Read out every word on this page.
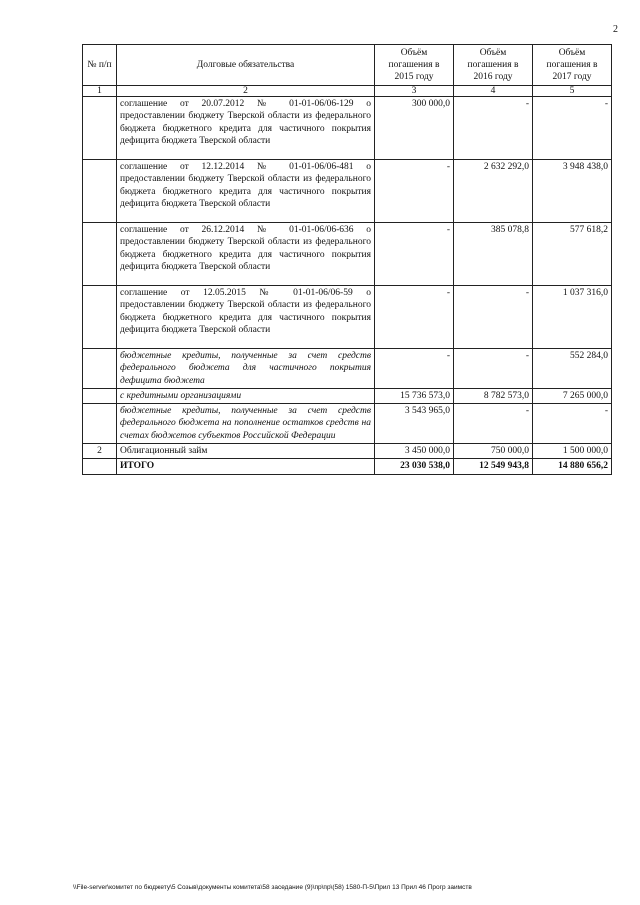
2
№ п/п	Долговые обязательства	Объём погашения в 2015 году	Объём погашения в 2016 году	Объём погашения в 2017 году
1	2	3	4	5
	соглашение от 20.07.2012 № 01-01-06/06-129 о предоставлении бюджету Тверской области из федерального бюджета бюджетного кредита для частичного покрытия дефицита бюджета Тверской области	300 000,0	-	-
	соглашение от 12.12.2014 № 01-01-06/06-481 о предоставлении бюджету Тверской области из федерального бюджета бюджетного кредита для частичного покрытия дефицита бюджета Тверской области	-	2 632 292,0	3 948 438,0
	соглашение от 26.12.2014 № 01-01-06/06-636 о предоставлении бюджету Тверской области из федерального бюджета бюджетного кредита для частичного покрытия дефицита бюджета Тверской области	-	385 078,8	577 618,2
	соглашение от 12.05.2015 № 01-01-06/06-59 о предоставлении бюджету Тверской области из федерального бюджета бюджетного кредита для частичного покрытия дефицита бюджета Тверской области	-	-	1 037 316,0
	бюджетные кредиты, полученные за счет средств федерального бюджета для частичного покрытия дефицита бюджета	-	-	552 284,0
	с кредитными организациями	15 736 573,0	8 782 573,0	7 265 000,0
	бюджетные кредиты, полученные за счет средств федерального бюджета на пополнение остатков средств на счетах бюджетов субъектов Российской Федерации	3 543 965,0	-	-
2	Облигационный займ	3 450 000,0	750 000,0	1 500 000,0
	ИТОГО	23 030 538,0	12 549 943,8	14 880 656,2
\\File-server\комитет по бюджету\5 Созыв\документы комитета\58 заседание (9)\пр\пр\(58) 1580-П-5\Прил 13 Прил 46 Прогр заимств
